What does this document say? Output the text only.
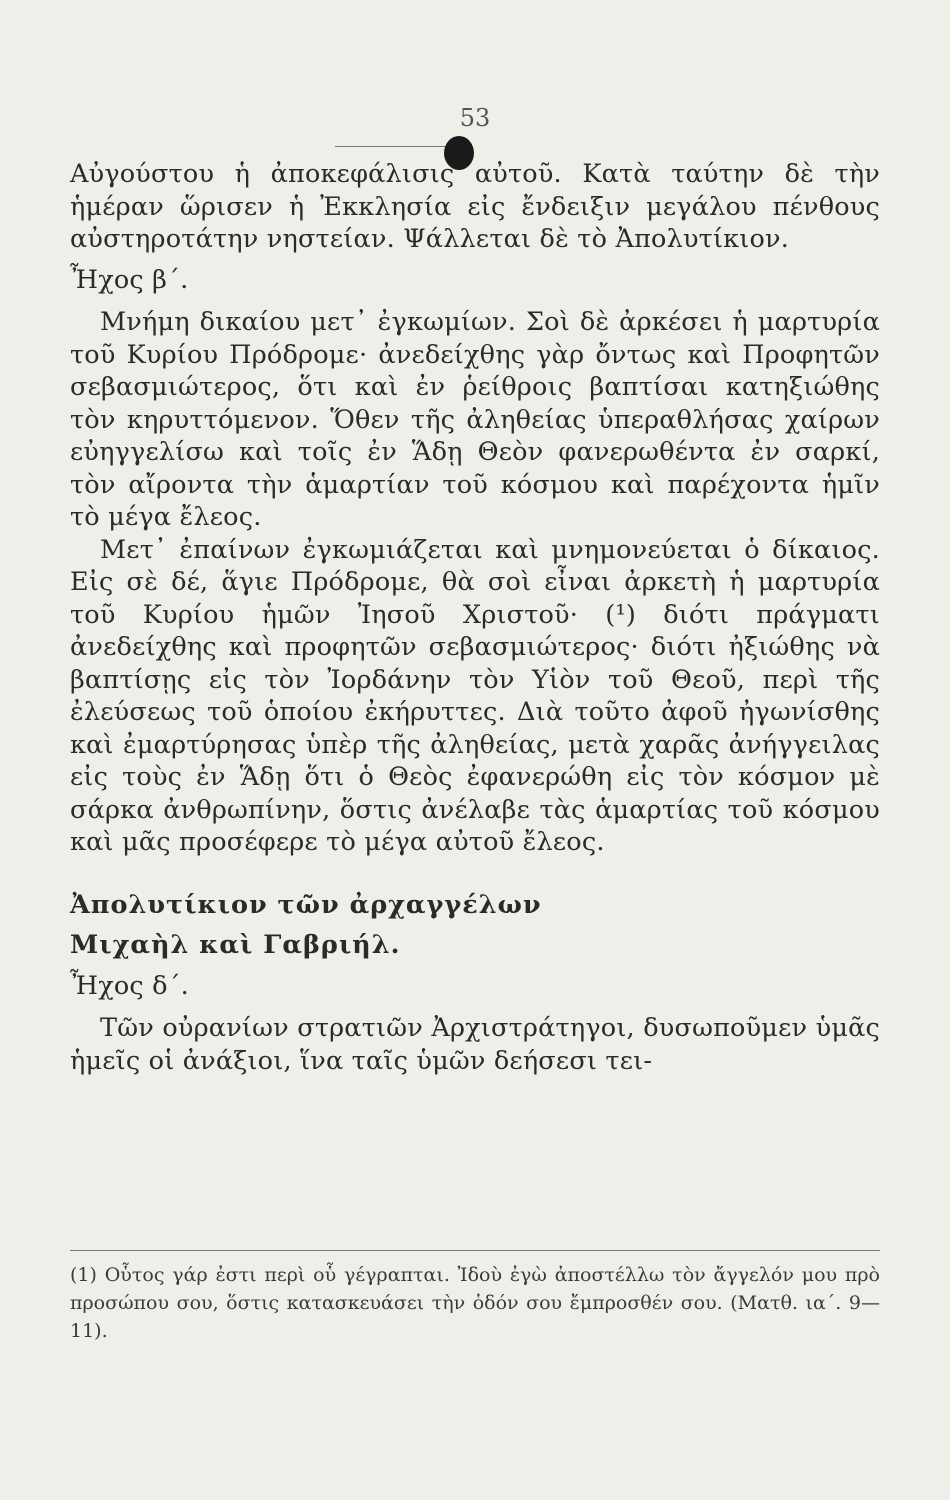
53

Αὐγούστου ἡ ἀποκεφάλισις αὐτοῦ. Κατὰ ταύτην δὲ τὴν ἡμέραν ὥρισεν ἡ Ἐκκλησία εἰς ἔνδειξιν μεγάλου πένθους αὐστηροτάτην νηστείαν. Ψάλλεται δὲ τὸ Ἀπολυτίκιον.

Ἦχος β΄.

Μνήμη δικαίου μετ᾽ ἐγκωμίων. Σοὶ δὲ ἀρκέσει ἡ μαρτυρία τοῦ Κυρίου Πρόδρομε· ἀνεδείχθης γὰρ ὄντως καὶ Προφητῶν σεβασμιώτερος, ὅτι καὶ ἐν ῥείθροις βαπτίσαι κατηξιώθης τὸν κηρυττόμενον. Ὅθεν τῆς ἀληθείας ὑπεραθλήσας χαίρων εὐηγγελίσω καὶ τοῖς ἐν Ἅδῃ Θεὸν φανερωθέντα ἐν σαρκί, τὸν αἴροντα τὴν ἁμαρτίαν τοῦ κόσμου καὶ παρέχοντα ἡμῖν τὸ μέγα ἔλεος.

Μετ᾽ ἐπαίνων ἐγκωμιάζεται καὶ μνημονεύεται ὁ δίκαιος. Εἰς σὲ δέ, ἅγιε Πρόδρομε, θὰ σοὶ εἶναι ἀρκετὴ ἡ μαρτυρία τοῦ Κυρίου ἡμῶν Ἰησοῦ Χριστοῦ· (¹) διότι πράγματι ἀνεδείχθης καὶ προφητῶν σεβασμιώτερος· διότι ἠξιώθης νὰ βαπτίσῃς εἰς τὸν Ἰορδάνην τὸν Υἱὸν τοῦ Θεοῦ, περὶ τῆς ἐλεύσεως τοῦ ὁποίου ἐκήρυττες. Διὰ τοῦτο ἀφοῦ ἠγωνίσθης καὶ ἐμαρτύρησας ὑπὲρ τῆς ἀληθείας, μετὰ χαρᾶς ἀνήγγειλας εἰς τοὺς ἐν Ἅδῃ ὅτι ὁ Θεὸς ἐφανερώθη εἰς τὸν κόσμον μὲ σάρκα ἀνθρωπίνην, ὅστις ἀνέλαβε τὰς ἁμαρτίας τοῦ κόσμου καὶ μᾶς προσέφερε τὸ μέγα αὐτοῦ ἔλεος.

Ἀπολυτίκιον τῶν ἀρχαγγέλων

Μιχαὴλ καὶ Γαβριήλ.

Ἦχος δ΄.

Τῶν οὐρανίων στρατιῶν Ἀρχιστράτηγοι, δυσωποῦμεν ὑμᾶς ἡμεῖς οἱ ἀνάξιοι, ἵνα ταῖς ὑμῶν δεήσεσι τει-

(1) Οὗτος γάρ ἐστι περὶ οὗ γέγραπται. Ἰδοὺ ἐγὼ ἀποστέλλω τὸν ἄγγελόν μου πρὸ προσώπου σου, ὅστις κατασκευάσει τὴν ὁδόν σου ἔμπροσθέν σου. (Ματθ. ια΄. 9—11).
